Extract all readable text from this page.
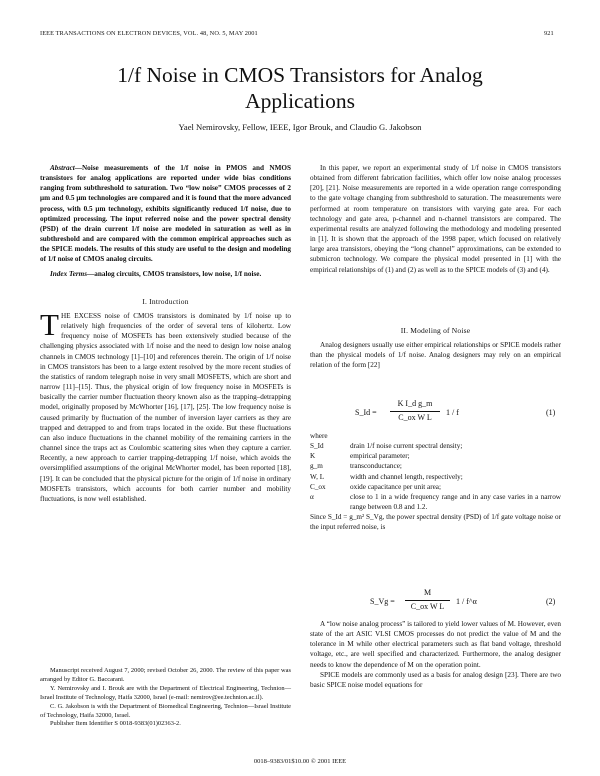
IEEE TRANSACTIONS ON ELECTRON DEVICES, VOL. 48, NO. 5, MAY 2001	921
1/f Noise in CMOS Transistors for Analog
Applications
Yael Nemirovsky, Fellow, IEEE, Igor Brouk, and Claudio G. Jakobson

Abstract—Noise measurements of the 1/f noise in PMOS and NMOS transistors for analog applications are reported under wide bias conditions ranging from subthreshold to saturation. Two “low noise” CMOS processes of 2 μm and 0.5 μm technologies are compared and it is found that the more advanced process, with 0.5 μm technology, exhibits significantly reduced 1/f noise, due to optimized processing. The input referred noise and the power spectral density (PSD) of the drain current 1/f noise are modeled in saturation as well as in subthreshold and are compared with the common empirical approaches such as the SPICE models. The results of this study are useful to the design and modeling of 1/f noise of CMOS analog circuits.

Index Terms—analog circuits, CMOS transistors, low noise, 1/f noise.

I. Introduction

THE EXCESS noise of CMOS transistors is dominated by 1/f noise up to relatively high frequencies of the order of several tens of kilohertz. Low frequency noise of MOSFETs has been extensively studied because of the challenging physics associated with 1/f noise and the need to design low noise analog channels in CMOS technology [1]–[10] and references therein. The origin of 1/f noise in CMOS transistors has been to a large extent resolved by the more recent studies of the statistics of random telegraph noise in very small MOSFETS, which are short and narrow [11]–[15]. Thus, the physical origin of low frequency noise in MOSFETs is basically the carrier number fluctuation theory known also as the trapping–detrapping model, originally proposed by McWhorter [16], [17], [25]. The low frequency noise is caused primarily by fluctuation of the number of inversion layer carriers as they are trapped and detrapped to and from traps located in the oxide. But these fluctuations can also induce fluctuations in the channel mobility of the remaining carriers in the channel since the traps act as Coulombic scattering sites when they capture a carrier. Recently, a new approach to carrier trapping-detrapping 1/f noise, which avoids the oversimplified assumptions of the original McWhorter model, has been reported [18], [19]. It can be concluded that the physical picture for the origin of 1/f noise in ordinary MOSFETs transistors, which accounts for both carrier number and mobility fluctuations, is now well established.

Manuscript received August 7, 2000; revised October 26, 2000. The review of this paper was arranged by Editor G. Baccarani.

Y. Nemirovsky and I. Brouk are with the Department of Electrical Engineering, Technion—Israel Institute of Technology, Haifa 32000, Israel (e-mail: nemirov@ee.technion.ac.il).

C. G. Jakobson is with the Department of Biomedical Engineering, Technion—Israel Institute of Technology, Haifa 32000, Israel.

Publisher Item Identifier S 0018-9383(01)02363-2.

In this paper, we report an experimental study of 1/f noise in CMOS transistors obtained from different fabrication facilities, which offer low noise analog processes [20], [21]. Noise measurements are reported in a wide operation range corresponding to the gate voltage changing from subthreshold to saturation. The measurements were performed at room temperature on transistors with varying gate area. For each technology and gate area, p-channel and n-channel transistors are compared. The experimental results are analyzed following the methodology and modeling presented in [1]. It is shown that the approach of the 1998 paper, which focused on relatively large area transistors, obeying the “long channel” approximations, can be extended to submicron technology. We compare the physical model presented in [1] with the empirical relationships of (1) and (2) as well as to the SPICE models of (3) and (4).

II. Modeling of Noise

Analog designers usually use either empirical relationships or SPICE models rather than the physical models of 1/f noise. Analog designers may rely on an empirical relation of the form [22]

S_Id =
K I_d g_m
C_ox W L
1 / f	(1)

where

S_Id	drain 1/f noise current spectral density;
K	empirical parameter;
g_m	transconductance;
W, L	width and channel length, respectively;
C_ox	oxide capacitance per unit area;
α	close to 1 in a wide frequency range and in any case varies in a narrow range between 0.8 and 1.2.

Since S_Id = g_m² S_Vg, the power spectral density (PSD) of 1/f gate voltage noise or the input referred noise, is

S_Vg =
M
C_ox W L
1 / f^α	(2)

A “low noise analog process” is tailored to yield lower values of M. However, even state of the art ASIC VLSI CMOS processes do not predict the value of M and the tolerance in M while other electrical parameters such as flat band voltage, threshold voltage, etc., are well specified and characterized. Furthermore, the analog designer needs to know the dependence of M on the operation point.

SPICE models are commonly used as a basis for analog design [23]. There are two basic SPICE noise model equations for

0018–9383/01$10.00 © 2001 IEEE
